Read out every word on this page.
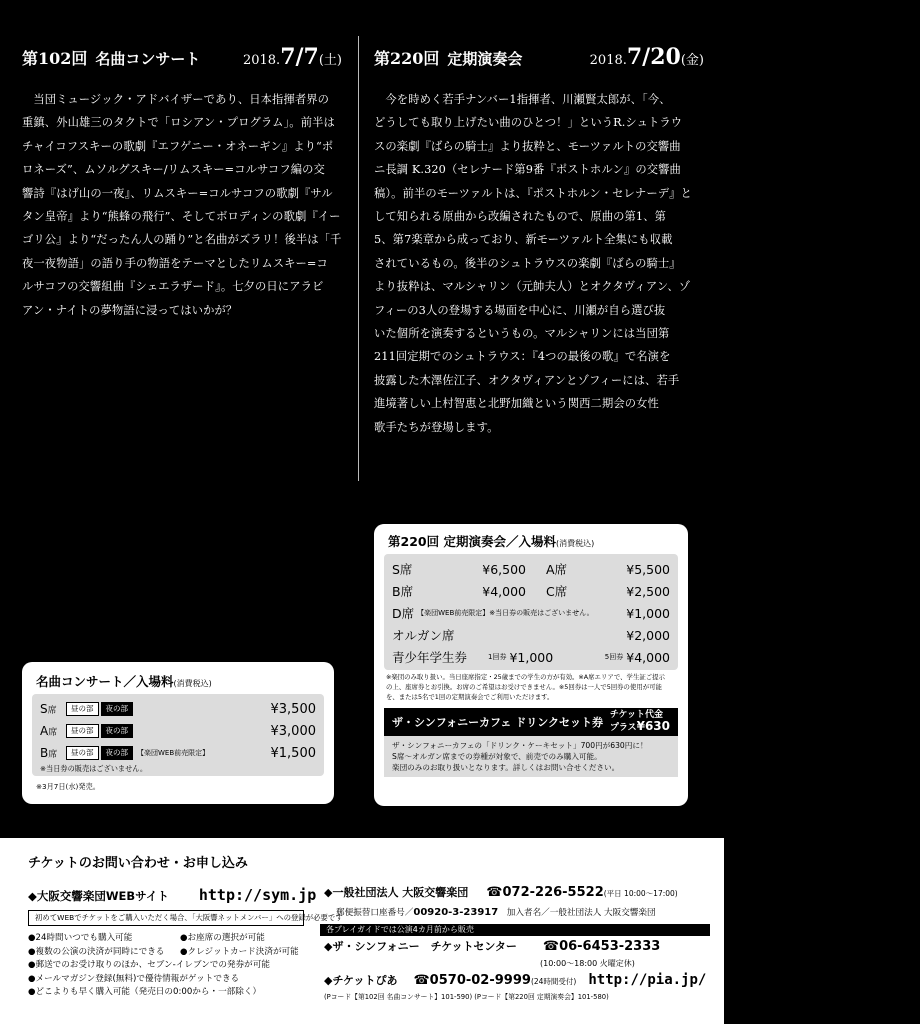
第102回 名曲コンサート	2018.7/7(土) 第220回 定期演奏会	2018.7/20(金)

　当団ミュージック・アドバイザーであり、日本指揮者界の

重鎮、外山雄三のタクトで「ロシアン・プログラム」。前半は

チャイコフスキーの歌劇『エフゲニー・オネーギン』より“ポ

ロネーズ”、ムソルグスキー/リムスキー=コルサコフ編の交

響詩『はげ山の一夜』、リムスキー=コルサコフの歌劇『サル

タン皇帝』より“熊蜂の飛行”、そしてボロディンの歌劇『イー

ゴリ公』より“だったん人の踊り”と名曲がズラリ！後半は「千

夜一夜物語」の語り手の物語をテーマとしたリムスキー=コ

ルサコフの交響組曲『シェエラザード』。七夕の日にアラビ

アン・ナイトの夢物語に浸ってはいかが？

　今を時めく若手ナンバー1指揮者、川瀬賢太郎が、「今、

どうしても取り上げたい曲のひとつ！」というR.シュトラウ

スの楽劇『ばらの騎士』より抜粋と、モーツァルトの交響曲

ニ長調 K.320（セレナード第9番『ポストホルン』の交響曲

稿）。前半のモーツァルトは、『ポストホルン・セレナーデ』と

して知られる原曲から改編されたもので、原曲の第1、第

5、第7楽章から成っており、新モーツァルト全集にも収載

されているもの。後半のシュトラウスの楽劇『ばらの騎士』

より抜粋は、マルシャリン（元帥夫人）とオクタヴィアン、ゾ

フィーの3人の登場する場面を中心に、川瀬が自ら選び抜

いた個所を演奏するというもの。マルシャリンには当団第

211回定期でのシュトラウス：『4つの最後の歌』で名演を

披露した木澤佐江子、オクタヴィアンとゾフィーには、若手

進境著しい上村智恵と北野加織という関西二期会の女性

歌手たちが登場します。

名曲コンサート／入場料(消費税込)
S席	昼の部	夜の部	¥3,500
A席	昼の部	夜の部	¥3,000
B席	昼の部	夜の部	【楽団WEB前売限定】	¥1,500
※当日券の販売はございません。
※3月7日(水)発売。
第220回 定期演奏会／入場料(消費税込)
S席	¥6,500	A席	¥5,500
B席	¥4,000	C席	¥2,500
D席 【楽団WEB前売限定】※当日券の販売はございません。	¥1,000
オルガン席	¥2,000
青少年学生券	1回券 ¥1,000	5回券 ¥4,000
※楽団のみ取り扱い。当日座席指定・25歳までの学生の方が有効。※A席エリアで、学生証ご提示
の上、座席券とお引換。お席のご希望はお受けできません。※5回券は一人で5回券の使用が可能
を、または5名で1回の定期演奏会でご利用いただけます。
ザ・シンフォニーカフェ ドリンクセット券
チケット代金
プラス¥630
ザ・シンフォニーカフェの「ドリンク・ケーキセット」700円が630円に！
S席〜オルガン席までの券種が対象で、前売でのみ購入可能。
楽団のみのお取り扱いとなります。詳しくはお問い合せください。
チケットのお問い合わせ・お申し込み
◆大阪交響楽団WEBサイト http://sym.jp
初めてWEBでチケットをご購入いただく場合、「大阪響ネットメンバー」への登録が必要です
●24時間いつでも購入可能	●お座席の選択が可能
●複数の公演の決済が同時にできる	●クレジットカード決済が可能
●郵送でのお受け取りのほか、セブン-イレブンでの発券が可能
●メールマガジン登録(無料)で優待情報がゲットできる
●どこよりも早く購入可能（発売日の0:00から・一部除く）
◆一般社団法人 大阪交響楽団 ☎072-226-5522(平日 10:00〜17:00)
郵便振替口座番号／00920-3-23917　加入者名／一般社団法人 大阪交響楽団
各プレイガイドでは公演4カ月前から販売
◆ザ・シンフォニー　チケットセンター ☎06-6453-2333
(10:00〜18:00 火曜定休)
◆チケットぴあ ☎0570-02-9999(24時間受付) http://pia.jp/
(Pコード【第102回 名曲コンサート】101-590) (Pコード【第220回 定期演奏会】101-580)
